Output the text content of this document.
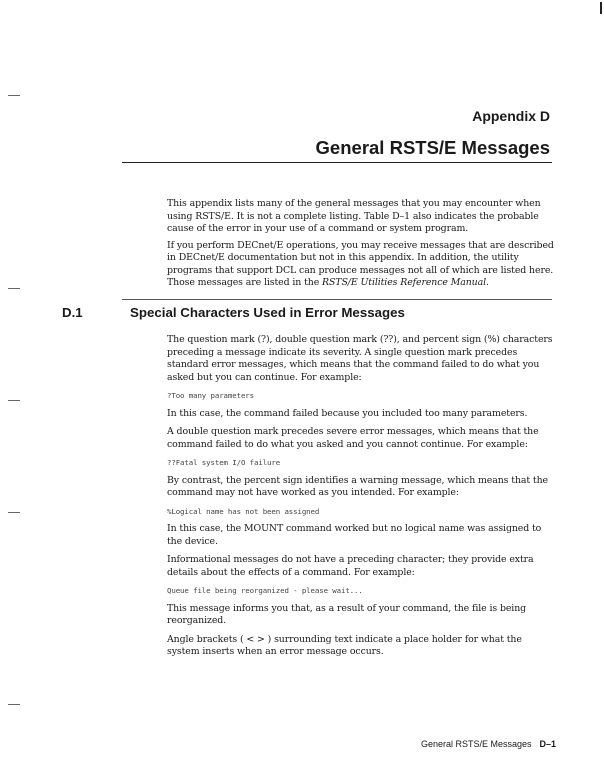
Appendix D
General RSTS/E Messages

This appendix lists many of the general messages that you may encounter when using RSTS/E. It is not a complete listing. Table D–1 also indicates the probable cause of the error in your use of a command or system program.

If you perform DECnet/E operations, you may receive messages that are described in DECnet/E documentation but not in this appendix. In addition, the utility programs that support DCL can produce messages not all of which are listed here. Those messages are listed in the RSTS/E Utilities Reference Manual.

D.1	Special Characters Used in Error Messages

The question mark (?), double question mark (??), and percent sign (%) characters preceding a message indicate its severity. A single question mark precedes standard error messages, which means that the command failed to do what you asked but you can continue. For example:

?Too many parameters

In this case, the command failed because you included too many parameters.

A double question mark precedes severe error messages, which means that the command failed to do what you asked and you cannot continue. For example:

??Fatal system I/O failure

By contrast, the percent sign identifies a warning message, which means that the command may not have worked as you intended. For example:

%Logical name has not been assigned

In this case, the MOUNT command worked but no logical name was assigned to the device.

Informational messages do not have a preceding character; they provide extra details about the effects of a command. For example:

Queue file being reorganized - please wait...

This message informs you that, as a result of your command, the file is being reorganized.

Angle brackets ( < > ) surrounding text indicate a place holder for what the system inserts when an error message occurs.

General RSTS/E Messages D–1
